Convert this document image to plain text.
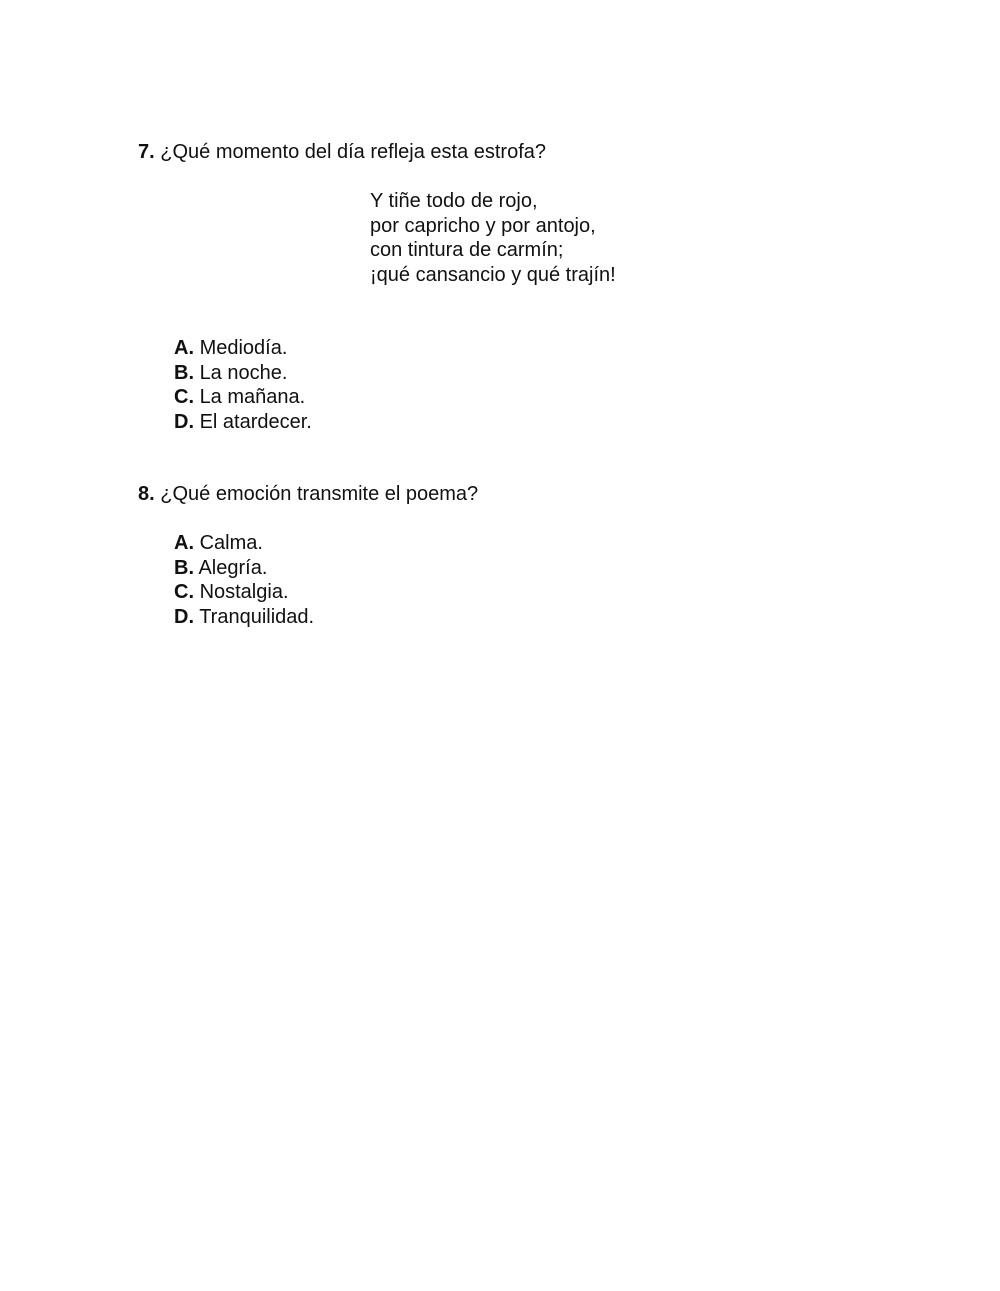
7. ¿Qué momento del día refleja esta estrofa?
Y tiñe todo de rojo,
por capricho y por antojo,
con tintura de carmín;
¡qué cansancio y qué trajín!
A. Mediodía.
B. La noche.
C. La mañana.
D. El atardecer.
8. ¿Qué emoción transmite el poema?
A. Calma.
B. Alegría.
C. Nostalgia.
D. Tranquilidad.
